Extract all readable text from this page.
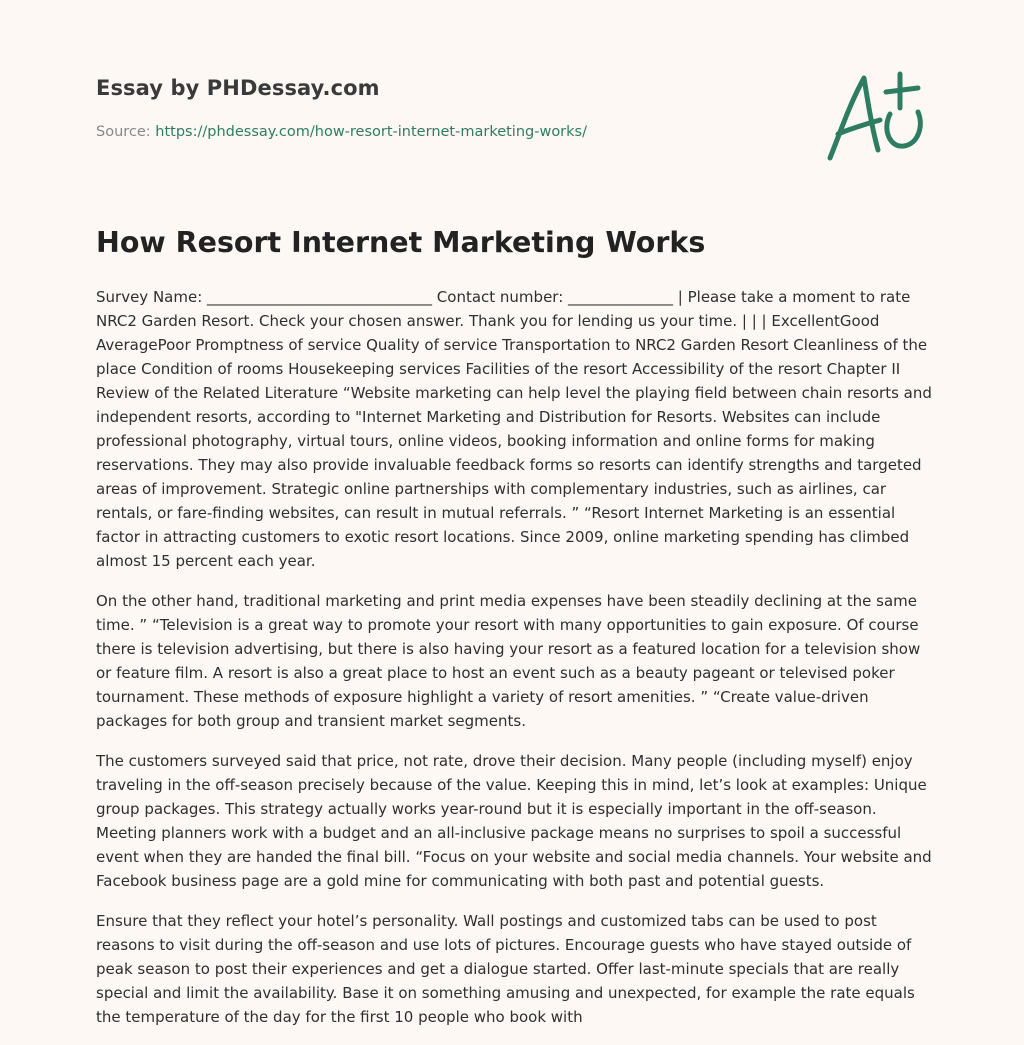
Essay by PHDessay.com
Source: https://phdessay.com/how-resort-internet-marketing-works/
How Resort Internet Marketing Works

Survey Name: ______________________________ Contact number: ______________ | Please take a moment to rate NRC2 Garden Resort. Check your chosen answer. Thank you for lending us your time. | | | ExcellentGood AveragePoor Promptness of service Quality of service Transportation to NRC2 Garden Resort Cleanliness of the place Condition of rooms Housekeeping services Facilities of the resort Accessibility of the resort Chapter II Review of the Related Literature “Website marketing can help level the playing field between chain resorts and independent resorts, according to "Internet Marketing and Distribution for Resorts. Websites can include professional photography, virtual tours, online videos, booking information and online forms for making reservations. They may also provide invaluable feedback forms so resorts can identify strengths and targeted areas of improvement. Strategic online partnerships with complementary industries, such as airlines, car rentals, or fare-finding websites, can result in mutual referrals. ” “Resort Internet Marketing is an essential factor in attracting customers to exotic resort locations. Since 2009, online marketing spending has climbed almost 15 percent each year.

On the other hand, traditional marketing and print media expenses have been steadily declining at the same time. ” “Television is a great way to promote your resort with many opportunities to gain exposure. Of course there is television advertising, but there is also having your resort as a featured location for a television show or feature film. A resort is also a great place to host an event such as a beauty pageant or televised poker tournament. These methods of exposure highlight a variety of resort amenities. ” “Create value-driven packages for both group and transient market segments.

The customers surveyed said that price, not rate, drove their decision. Many people (including myself) enjoy traveling in the off-season precisely because of the value. Keeping this in mind, let’s look at examples: Unique group packages. This strategy actually works year-round but it is especially important in the off-season. Meeting planners work with a budget and an all-inclusive package means no surprises to spoil a successful event when they are handed the final bill. “Focus on your website and social media channels. Your website and Facebook business page are a gold mine for communicating with both past and potential guests.

Ensure that they reflect your hotel’s personality. Wall postings and customized tabs can be used to post reasons to visit during the off-season and use lots of pictures. Encourage guests who have stayed outside of peak season to post their experiences and get a dialogue started. Offer last-minute specials that are really special and limit the availability. Base it on something amusing and unexpected, for example the rate equals the temperature of the day for the first 10 people who book with
